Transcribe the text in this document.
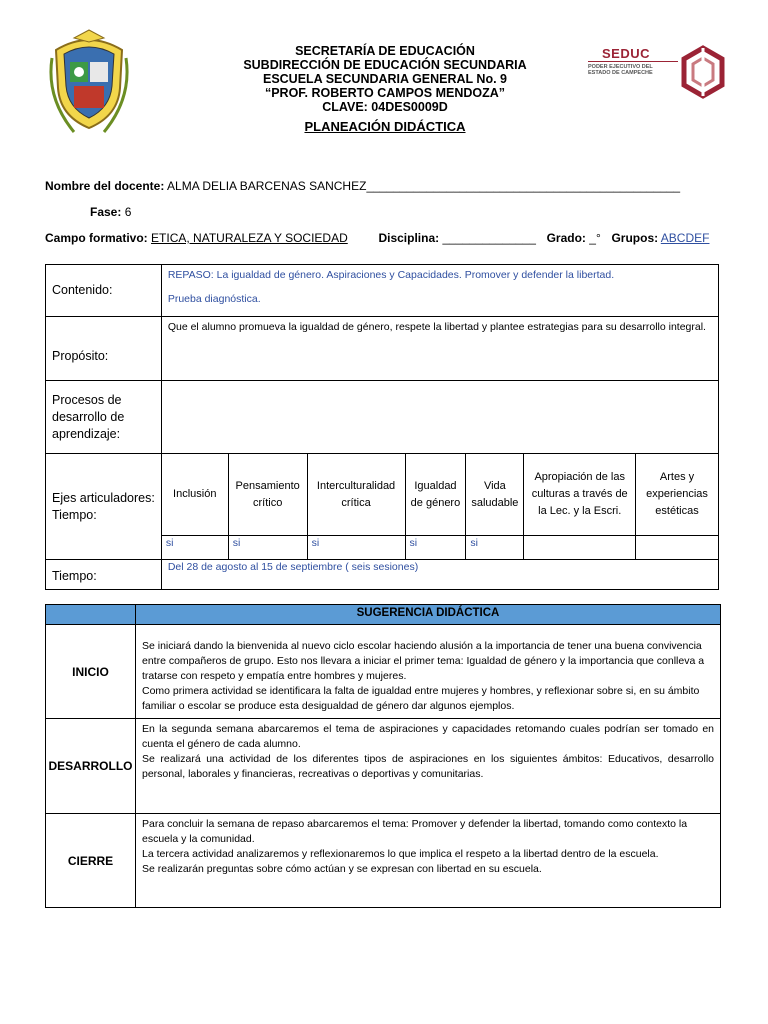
SECRETARÍA DE EDUCACIÓN
SUBDIRECCIÓN DE EDUCACIÓN SECUNDARIA
ESCUELA SECUNDARIA GENERAL No. 9
“PROF. ROBERTO CAMPOS MENDOZA”
CLAVE: 04DES0009D
PLANEACIÓN DIDÁCTICA
SEDUC
PODER EJECUTIVO DEL
ESTADO DE CAMPECHE
Nombre del docente: ALMA DELIA BARCENAS SANCHEZ_______________________________________________
Fase: 6
Campo formativo: ETICA, NATURALEZA Y SOCIEDAD	Disciplina: ______________ Grado: _° Grupos: ABCDEF
Contenido:	REPASO: La igualdad de género. Aspiraciones y Capacidades. Promover y defender la libertad.
Prueba diagnóstica.						

Propósito:	Que el alumno promueva la igualdad de género, respete la libertad y plantee estrategias para su desarrollo integral.						
Procesos de desarrollo de aprendizaje:							
Ejes articuladores: Tiempo:	Inclusión	Pensamiento crítico	Interculturalidad crítica	Igualdad de género	Vida saludable	Apropiación de las culturas a través de la Lec. y la Escri.	Artes y experiencias estéticas
	si	si	si	si	si		
Tiempo:	Del 28 de agosto al 15 de septiembre ( seis sesiones)						
	SUGERENCIA DIDÁCTICA
INICIO	Se iniciará dando la bienvenida al nuevo ciclo escolar haciendo alusión a la importancia de tener una buena convivencia entre compañeros de grupo. Esto nos llevara a iniciar el primer tema: Igualdad de género y la importancia que conlleva a tratarse con respeto y empatía entre hombres y mujeres.
Como primera actividad se identificara la falta de igualdad entre mujeres y hombres, y reflexionar sobre si, en su ámbito familiar o escolar se produce esta desigualdad de género dar algunos ejemplos.

DESARROLLO	En la segunda semana abarcaremos el tema de aspiraciones y capacidades retomando cuales podrían ser tomado en cuenta el género de cada alumno.
Se realizará una actividad de los diferentes tipos de aspiraciones en los siguientes ámbitos: Educativos, desarrollo personal, laborales y financieras, recreativas o deportivas y comunitarias.

CIERRE	Para concluir la semana de repaso abarcaremos el tema: Promover y defender la libertad, tomando como contexto la escuela y la comunidad.
La tercera actividad analizaremos y reflexionaremos lo que implica el respeto a la libertad dentro de la escuela.
Se realizarán preguntas sobre cómo actúan y se expresan con libertad en su escuela.
